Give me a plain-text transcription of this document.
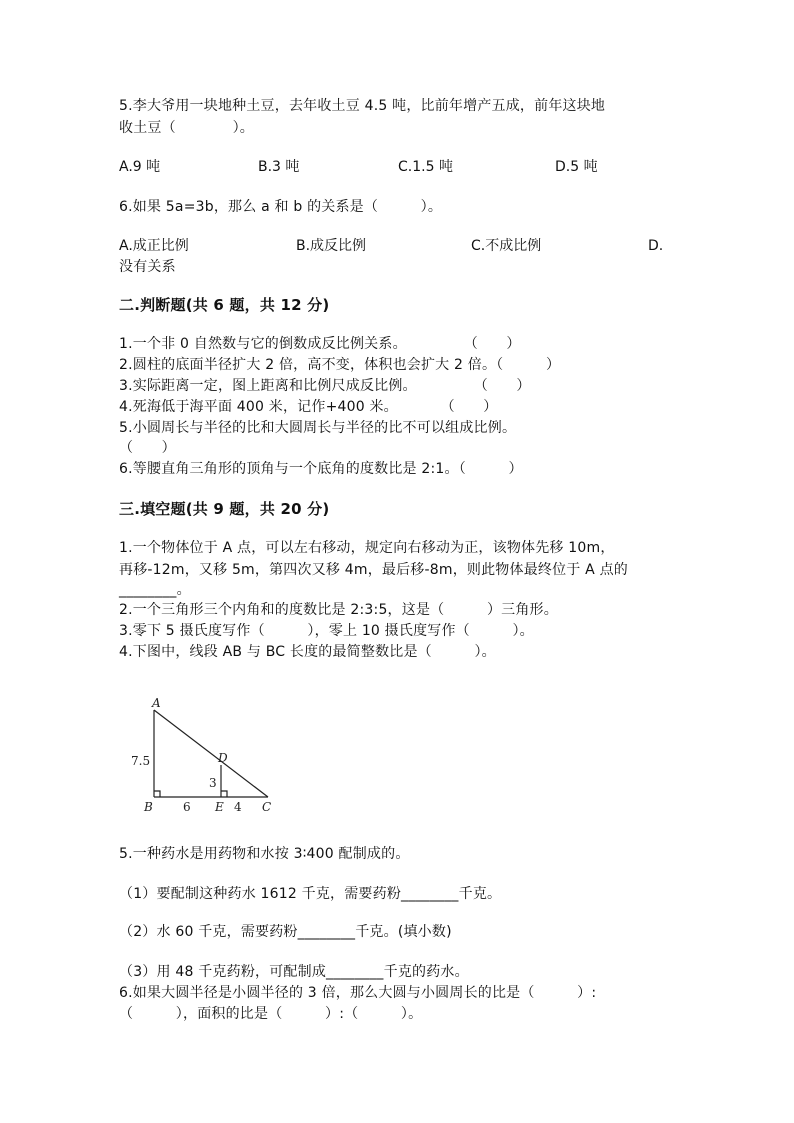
5.李大爷用一块地种土豆，去年收土豆 4.5 吨，比前年增产五成，前年这块地
收土豆（　　　　）。
A.9 吨	B.3 吨	C.1.5 吨	D.5 吨
6.如果 5a=3b，那么 a 和 b 的关系是（　　　）。
A.成正比例	B.成反比例	C.不成比例	D.
没有关系
二.判断题(共 6 题，共 12 分)
1.一个非 0 自然数与它的倒数成反比例关系。　　　　　（　　）
2.圆柱的底面半径扩大 2 倍，高不变，体积也会扩大 2 倍。（　　　）
3.实际距离一定，图上距离和比例尺成反比例。　　　　　（　　）
4.死海低于海平面 400 米，记作+400 米。　　　　（　　）
5.小圆周长与半径的比和大圆周长与半径的比不可以组成比例。
（　　）
6.等腰直角三角形的顶角与一个底角的度数比是 2:1。（　　　）
三.填空题(共 9 题，共 20 分)
1.一个物体位于 A 点，可以左右移动，规定向右移动为正，该物体先移 10m，
再移-12m，又移 5m，第四次又移 4m，最后移-8m，则此物体最终位于 A 点的
________。
2.一个三角形三个内角和的度数比是 2:3:5，这是（　　　）三角形。
3.零下 5 摄氏度写作（　　　），零上 10 摄氏度写作（　　　）。
4.下图中，线段 AB 与 BC 长度的最简整数比是（　　　）。
A
B	C
D
E
7.5
6	4
3
5.一种药水是用药物和水按 3∶400 配制成的。
（1）要配制这种药水 1612 千克，需要药粉________千克。
（2）水 60 千克，需要药粉________千克。(填小数)
（3）用 48 千克药粉，可配制成________千克的药水。
6.如果大圆半径是小圆半径的 3 倍，那么大圆与小圆周长的比是（　　　）:
（　　　），面积的比是（　　　）:（　　　）。
